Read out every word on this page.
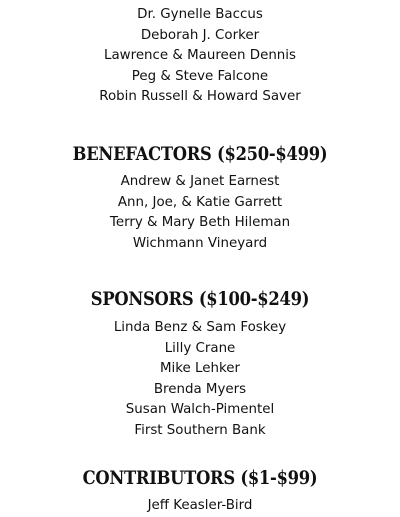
Dr. Gynelle Baccus
Deborah J. Corker
Lawrence & Maureen Dennis
Peg & Steve Falcone
Robin Russell & Howard Saver
BENEFACTORS ($250-$499)
Andrew & Janet Earnest
Ann, Joe, & Katie Garrett
Terry & Mary Beth Hileman
Wichmann Vineyard
SPONSORS ($100-$249)
Linda Benz & Sam Foskey
Lilly Crane
Mike Lehker
Brenda Myers
Susan Walch-Pimentel
First Southern Bank
CONTRIBUTORS ($1-$99)
Jeff Keasler-Bird
